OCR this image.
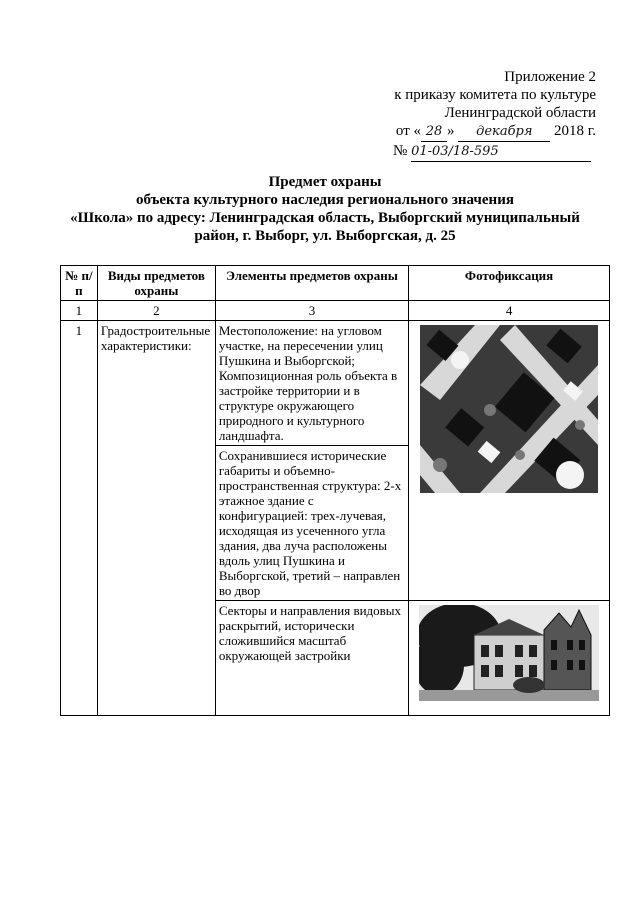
Приложение 2
к приказу комитета по культуре
Ленинградской области
от « 28 » декабря 2018 г.
№ 01-03/18-595
Предмет охраны
объекта культурного наследия регионального значения
«Школа» по адресу: Ленинградская область, Выборгский муниципальный
район, г. Выборг, ул. Выборгская, д. 25
№ п/п	Виды предметов охраны	Элементы предметов охраны	Фотофиксация
1	2	3	4
1	Градостроительные характеристики:	Местоположение: на угловом участке, на пересечении улиц Пушкина и Выборгской; Композиционная роль объекта в застройке территории и в структуре окружающего природного и культурного ландшафта.	

		Сохранившиеся исторические габариты и объемно-пространственная структура: 2-х этажное здание с конфигурацией: трех-лучевая, исходящая из усеченного угла здания, два луча расположены вдоль улиц Пушкина и Выборгской, третий – направлен во двор	
		Секторы и направления видовых раскрытий, исторически сложившийся масштаб окружающей застройки	
